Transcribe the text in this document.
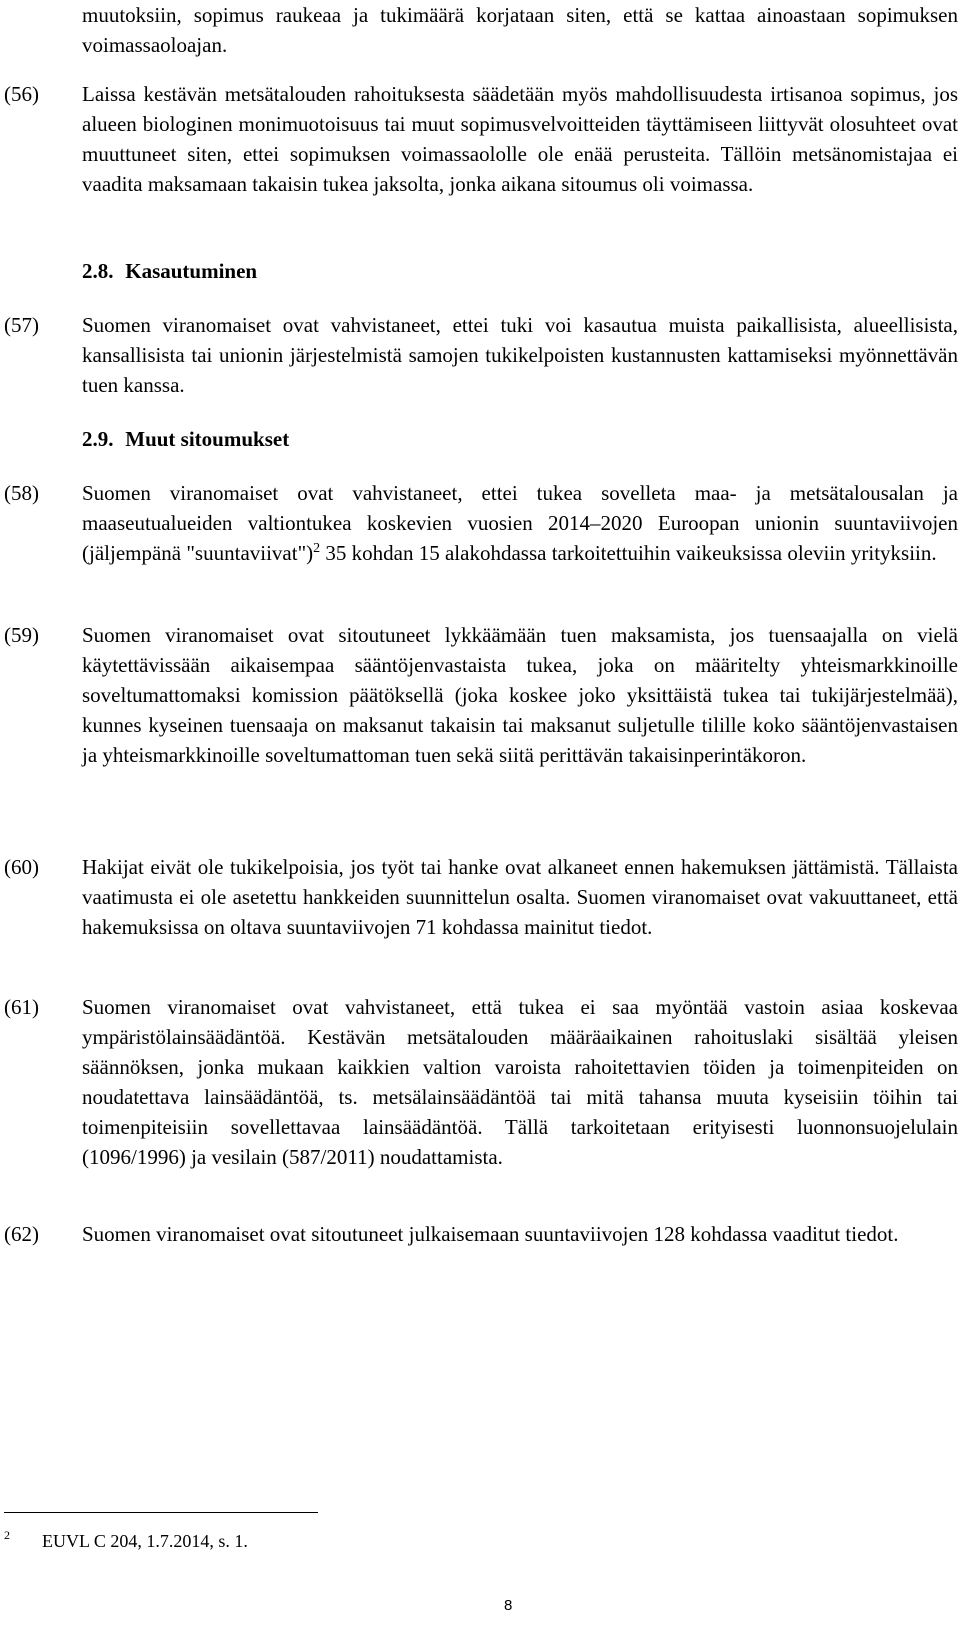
muutoksiin, sopimus raukeaa ja tukimäärä korjataan siten, että se kattaa ainoastaan sopimuksen voimassaoloajan.
(56) Laissa kestävän metsätalouden rahoituksesta säädetään myös mahdollisuudesta irtisanoa sopimus, jos alueen biologinen monimuotoisuus tai muut sopimusvelvoitteiden täyttämiseen liittyvät olosuhteet ovat muuttuneet siten, ettei sopimuksen voimassaololle ole enää perusteita. Tällöin metsänomistajaa ei vaadita maksamaan takaisin tukea jaksolta, jonka aikana sitoumus oli voimassa.
2.8. Kasautuminen
(57) Suomen viranomaiset ovat vahvistaneet, ettei tuki voi kasautua muista paikallisista, alueellisista, kansallisista tai unionin järjestelmistä samojen tukikelpoisten kustannusten kattamiseksi myönnettävän tuen kanssa.
2.9. Muut sitoumukset
(58) Suomen viranomaiset ovat vahvistaneet, ettei tukea sovelleta maa- ja metsätalousalan ja maaseutualueiden valtiontukea koskevien vuosien 2014–2020 Euroopan unionin suuntaviivojen (jäljempänä "suuntaviivat")$^2$ 35 kohdan 15 alakohdassa tarkoitettuihin vaikeuksissa oleviin yrityksiin.
(59) Suomen viranomaiset ovat sitoutuneet lykkäämään tuen maksamista, jos tuensaajalla on vielä käytettävissään aikaisempaa sääntöjenvastaista tukea, joka on määritelty yhteismarkkinoille soveltumattomaksi komission päätöksellä (joka koskee joko yksittäistä tukea tai tukijärjestelmää), kunnes kyseinen tuensaaja on maksanut takaisin tai maksanut suljetulle tilille koko sääntöjenvastaisen ja yhteismarkkinoille soveltumattoman tuen sekä siitä perittävän takaisinperintäkoron.
(60) Hakijat eivät ole tukikelpoisia, jos työt tai hanke ovat alkaneet ennen hakemuksen jättämistä. Tällaista vaatimusta ei ole asetettu hankkeiden suunnittelun osalta. Suomen viranomaiset ovat vakuuttaneet, että hakemuksissa on oltava suuntaviivojen 71 kohdassa mainitut tiedot.
(61) Suomen viranomaiset ovat vahvistaneet, että tukea ei saa myöntää vastoin asiaa koskevaa ympäristölainsäädäntöä. Kestävän metsätalouden määräaikainen rahoituslaki sisältää yleisen säännöksen, jonka mukaan kaikkien valtion varoista rahoitettavien töiden ja toimenpiteiden on noudatettava lainsäädäntöä, ts. metsälainsäädäntöä tai mitä tahansa muuta kyseisiin töihin tai toimenpiteisiin sovellettavaa lainsäädäntöä. Tällä tarkoitetaan erityisesti luonnonsuojelulain (1096/1996) ja vesilain (587/2011) noudattamista.
(62) Suomen viranomaiset ovat sitoutuneet julkaisemaan suuntaviivojen 128 kohdassa vaaditut tiedot.
$^2$ EUVL C 204, 1.7.2014, s. 1.
8
